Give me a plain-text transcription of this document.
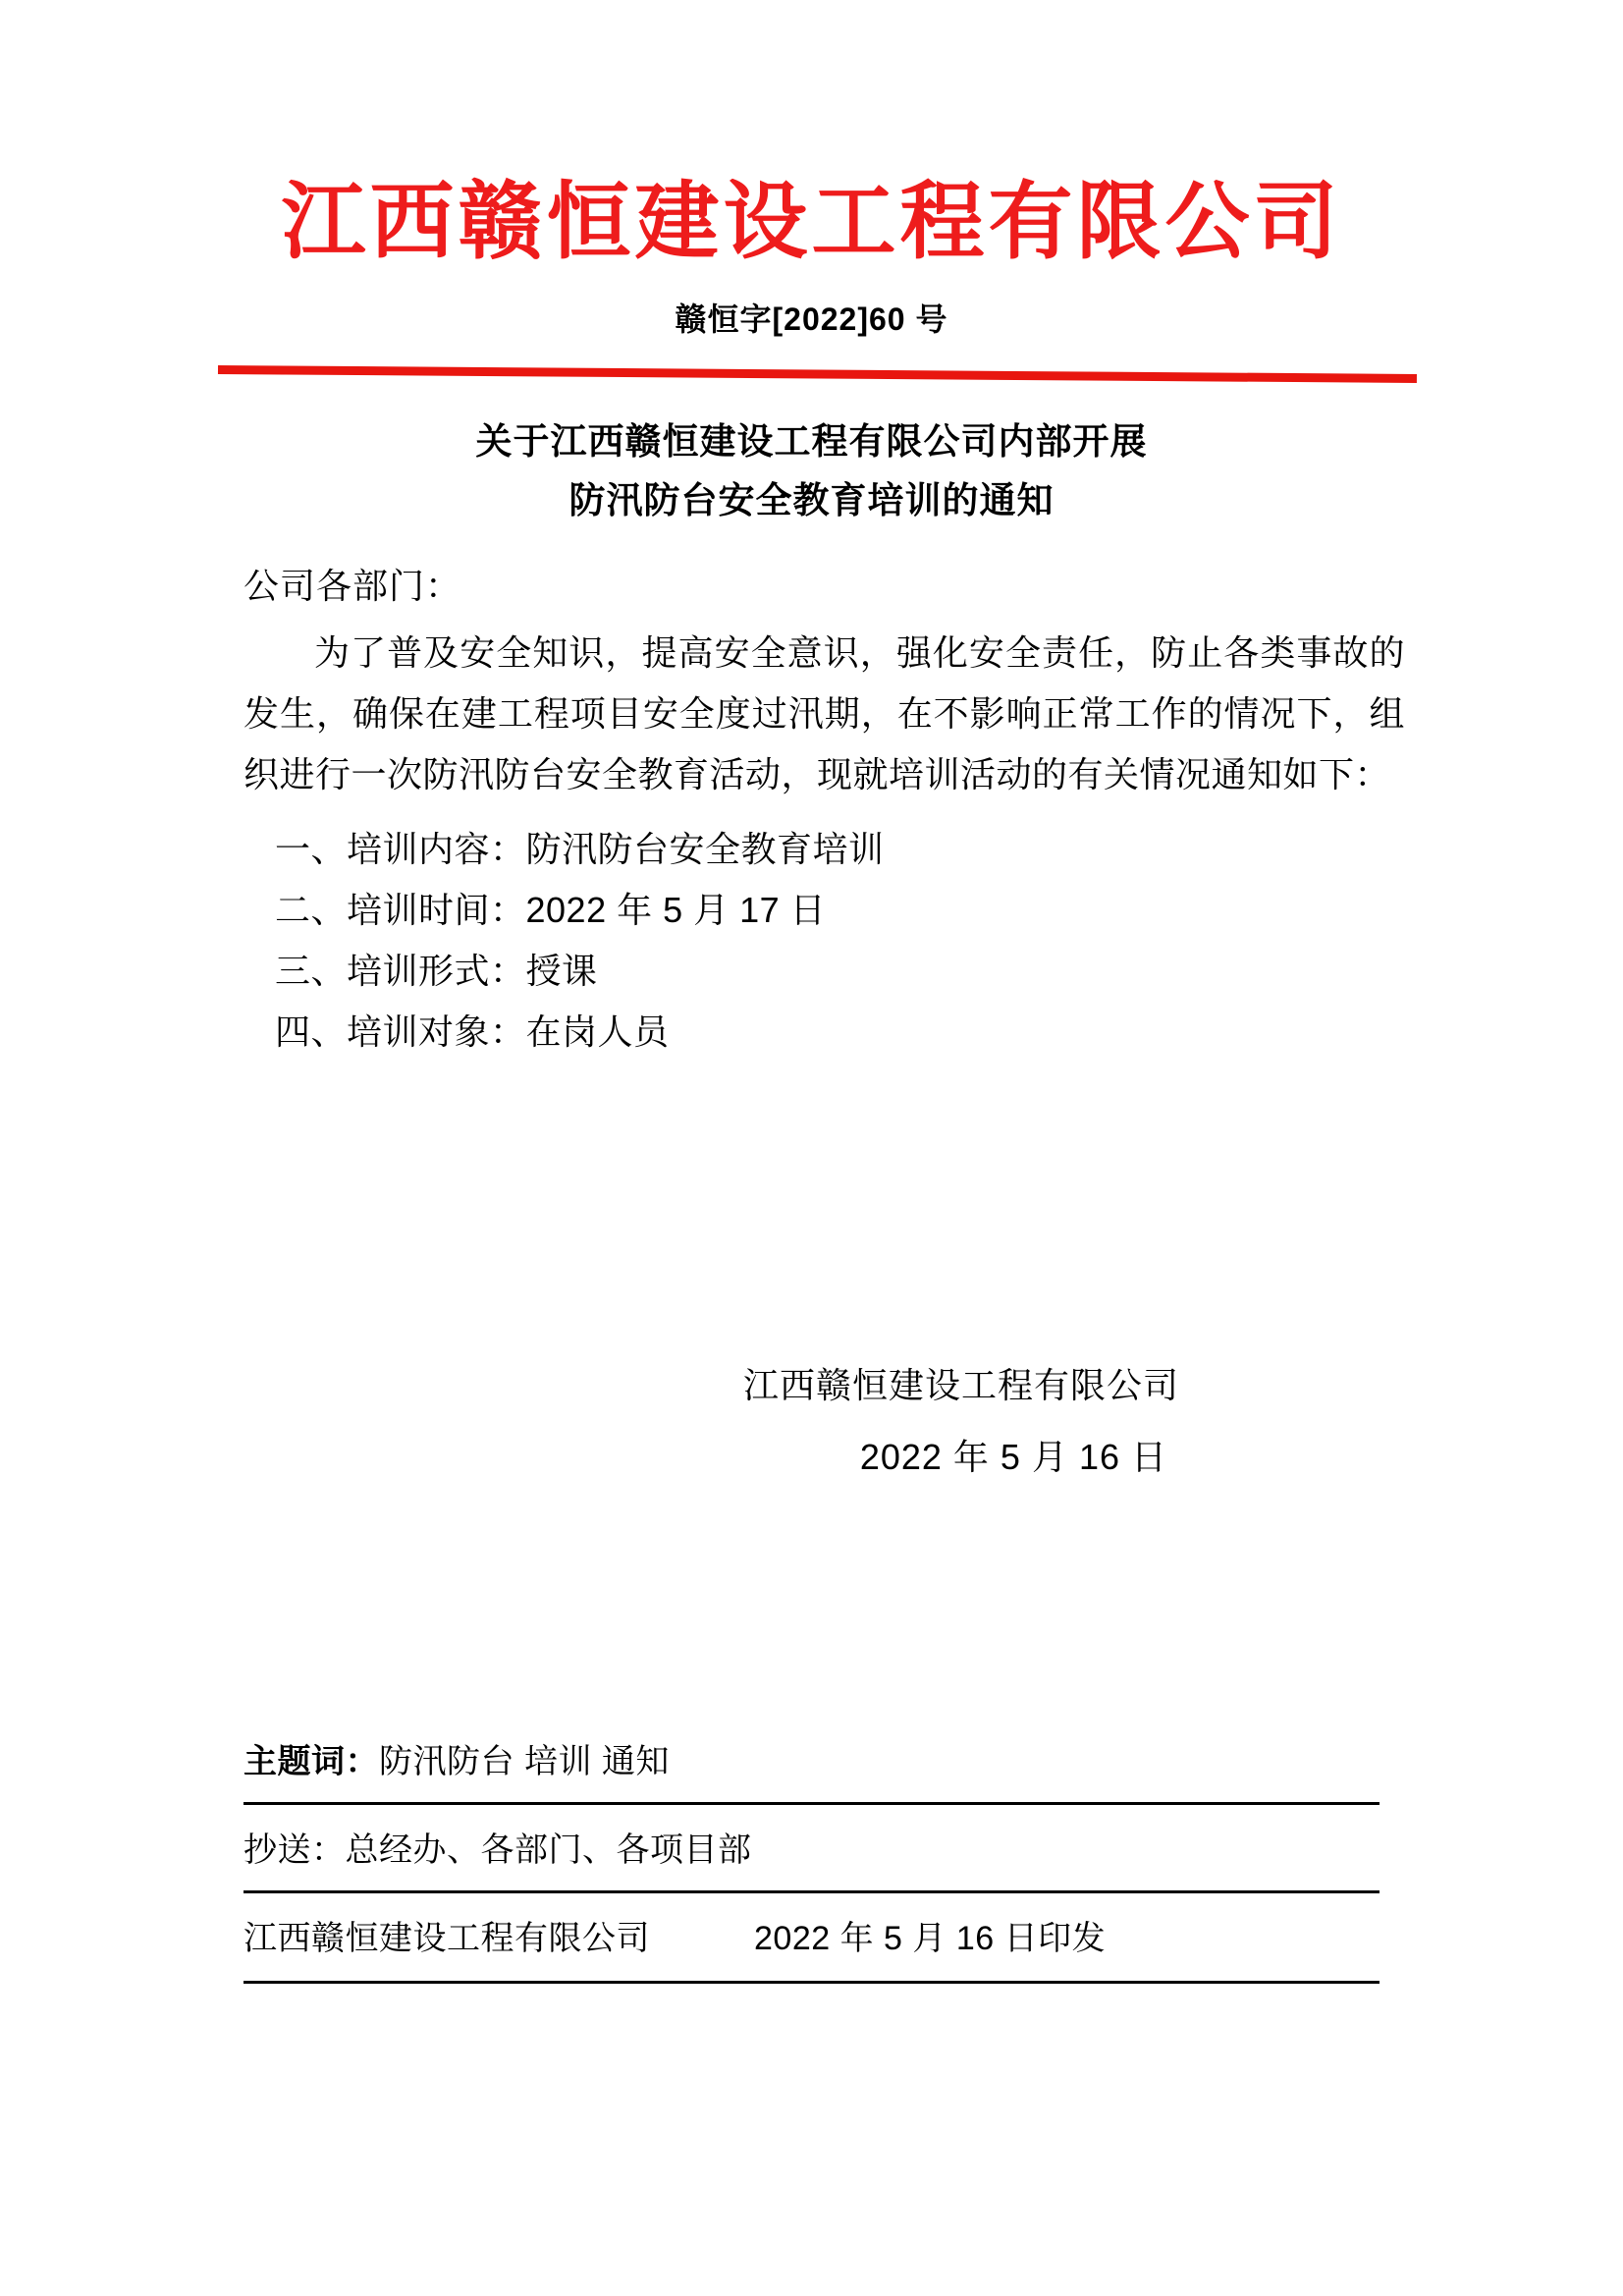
江西赣恒建设工程有限公司
赣恒字[2022]60 号
关于江西赣恒建设工程有限公司内部开展
防汛防台安全教育培训的通知
公司各部门：
为了普及安全知识，提高安全意识，强化安全责任，防止各类事故的发生，确保在建工程项目安全度过汛期，在不影响正常工作的情况下，组织进行一次防汛防台安全教育活动，现就培训活动的有关情况通知如下：
一、培训内容：防汛防台安全教育培训
二、培训时间：2022 年 5 月 17 日
三、培训形式：授课
四、培训对象：在岗人员
江西赣恒建设工程有限公司
2022 年 5 月 16 日
主题词：防汛防台 培训 通知
抄送：总经办、各部门、各项目部
江西赣恒建设工程有限公司	2022 年 5 月 16 日印发
